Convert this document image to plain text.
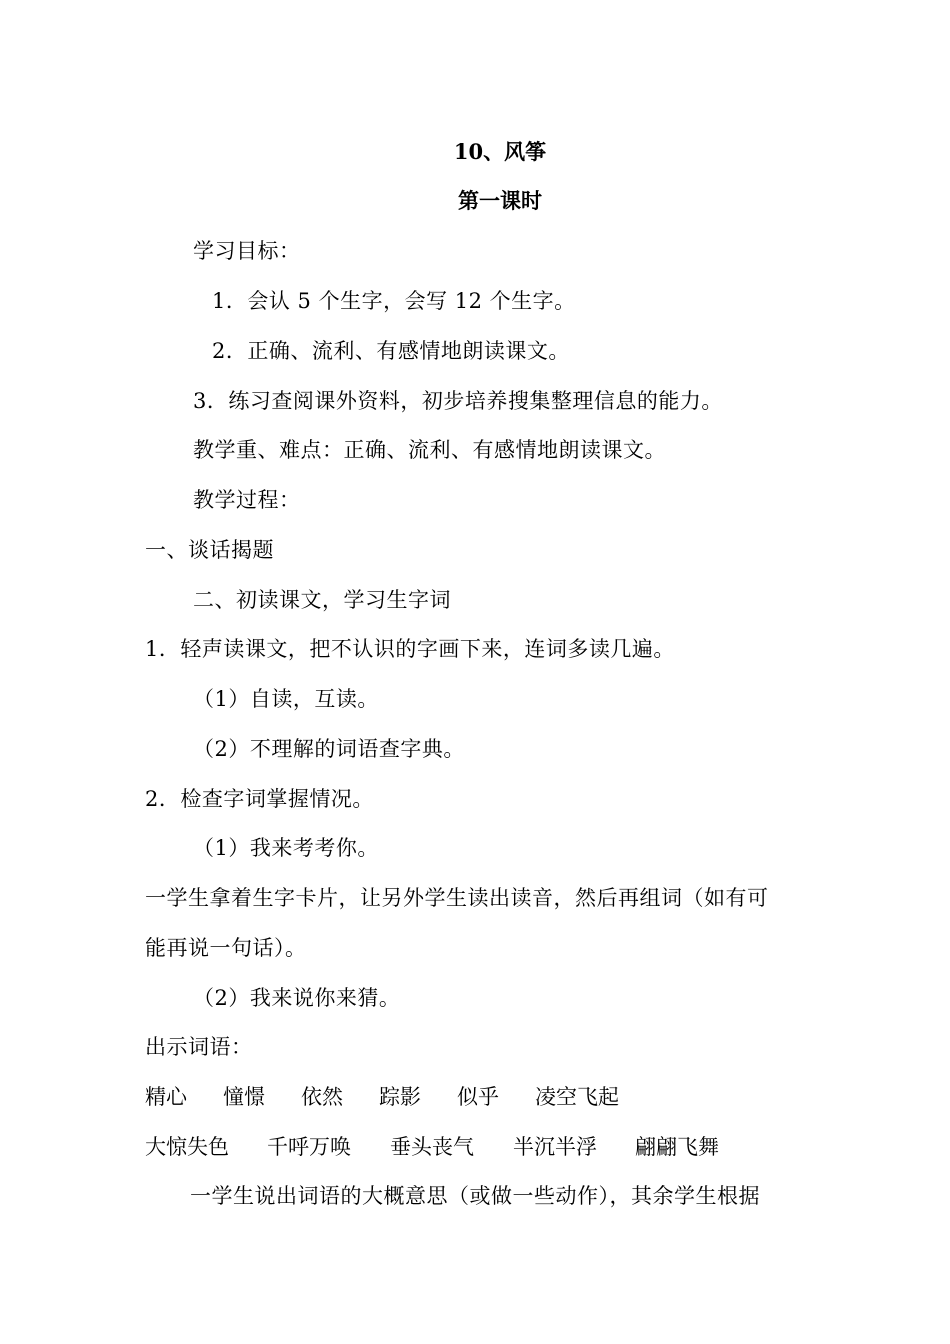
10、风筝
第一课时
学习目标：
1．会认 5 个生字，会写 12 个生字。
2．正确、流利、有感情地朗读课文。
3．练习查阅课外资料，初步培养搜集整理信息的能力。
教学重、难点：正确、流利、有感情地朗读课文。
教学过程：
一、谈话揭题
二、初读课文，学习生字词
1．轻声读课文，把不认识的字画下来，连词多读几遍。
（1）自读，互读。
（2）不理解的词语查字典。
2．检查字词掌握情况。
（1）我来考考你。
一学生拿着生字卡片，让另外学生读出读音，然后再组词（如有可
能再说一句话）。
（2）我来说你来猜。
出示词语：
精心 憧憬 依然 踪影 似乎 凌空飞起
大惊失色 千呼万唤 垂头丧气 半沉半浮 翩翩飞舞
一学生说出词语的大概意思（或做一些动作），其余学生根据
